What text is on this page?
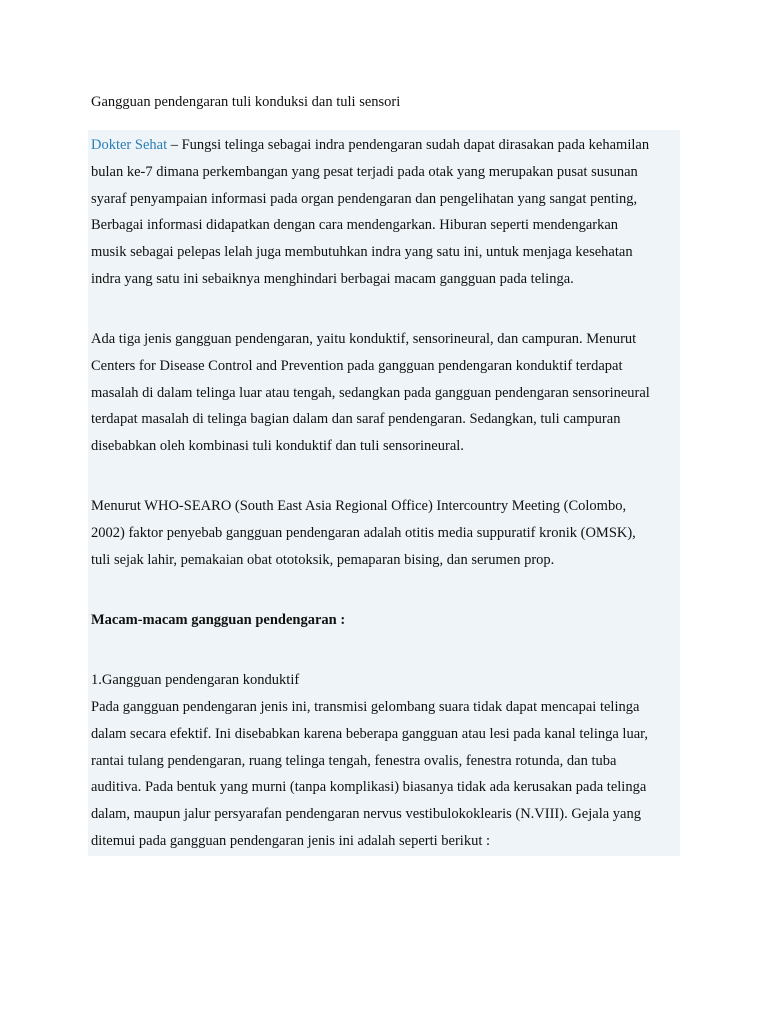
Gangguan pendengaran tuli konduksi dan tuli sensori

Dokter Sehat – Fungsi telinga sebagai indra pendengaran sudah dapat dirasakan pada kehamilan
bulan ke-7 dimana perkembangan yang pesat terjadi pada otak yang merupakan pusat susunan
syaraf penyampaian informasi pada organ pendengaran dan pengelihatan yang sangat penting,
Berbagai informasi didapatkan dengan cara mendengarkan. Hiburan seperti mendengarkan
musik sebagai pelepas lelah juga membutuhkan indra yang satu ini, untuk menjaga kesehatan
indra yang satu ini sebaiknya menghindari berbagai macam gangguan pada telinga.

Ada tiga jenis gangguan pendengaran, yaitu konduktif, sensorineural, dan campuran. Menurut
Centers for Disease Control and Prevention pada gangguan pendengaran konduktif terdapat
masalah di dalam telinga luar atau tengah, sedangkan pada gangguan pendengaran sensorineural
terdapat masalah di telinga bagian dalam dan saraf pendengaran. Sedangkan, tuli campuran
disebabkan oleh kombinasi tuli konduktif dan tuli sensorineural.

Menurut WHO-SEARO (South East Asia Regional Office) Intercountry Meeting (Colombo,
2002) faktor penyebab gangguan pendengaran adalah otitis media suppuratif kronik (OMSK),
tuli sejak lahir, pemakaian obat ototoksik, pemaparan bising, dan serumen prop.

Macam-macam gangguan pendengaran :

1.Gangguan pendengaran konduktif

Pada gangguan pendengaran jenis ini, transmisi gelombang suara tidak dapat mencapai telinga
dalam secara efektif. Ini disebabkan karena beberapa gangguan atau lesi pada kanal telinga luar,
rantai tulang pendengaran, ruang telinga tengah, fenestra ovalis, fenestra rotunda, dan tuba
auditiva. Pada bentuk yang murni (tanpa komplikasi) biasanya tidak ada kerusakan pada telinga
dalam, maupun jalur persyarafan pendengaran nervus vestibulokoklearis (N.VIII). Gejala yang
ditemui pada gangguan pendengaran jenis ini adalah seperti berikut :
